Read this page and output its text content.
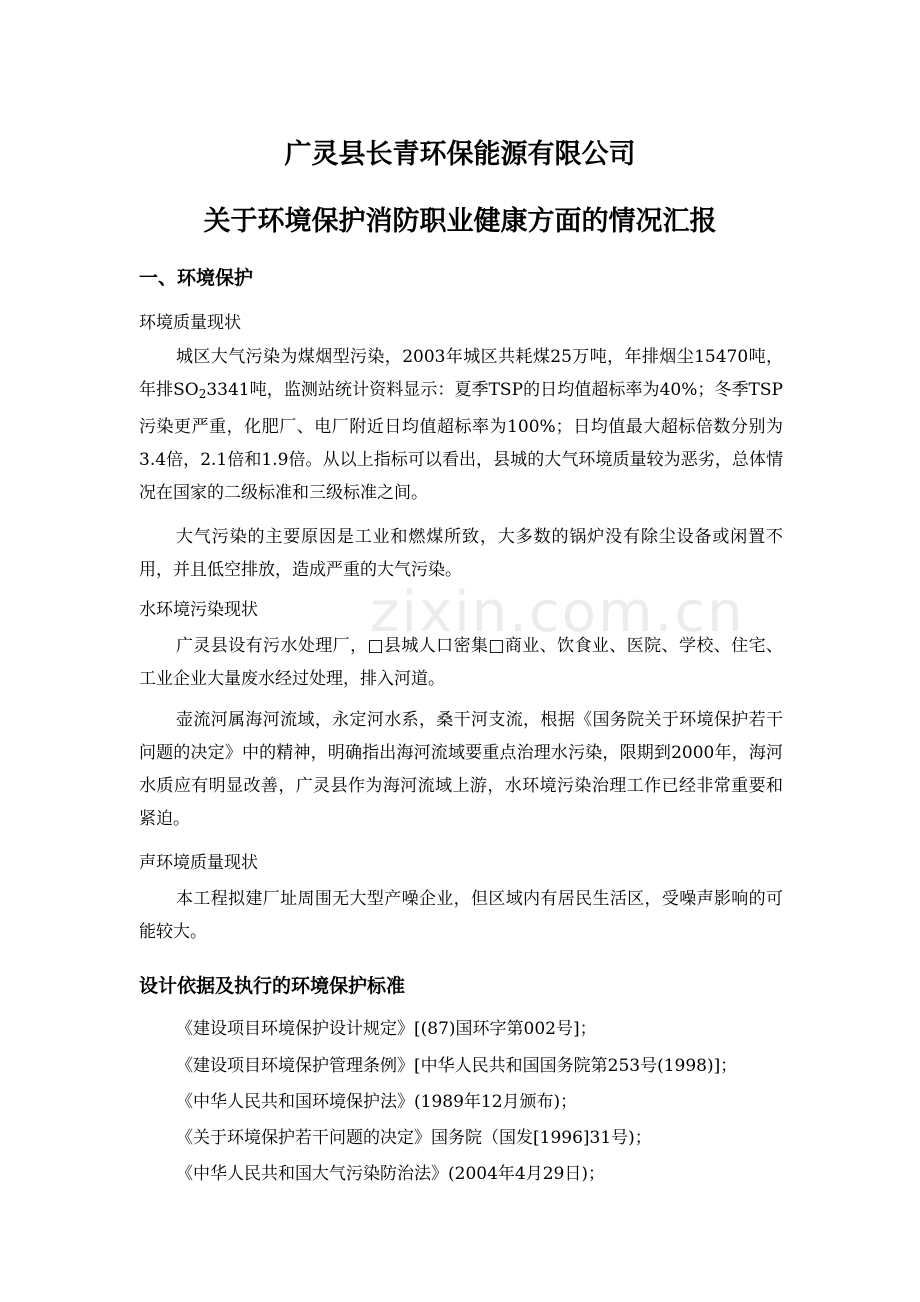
zixin.com.cn
广灵县长青环保能源有限公司
关于环境保护消防职业健康方面的情况汇报
一、环境保护
环境质量现状

城区大气污染为煤烟型污染，2003年城区共耗煤25万吨，年排烟尘15470吨，年排$SO_23341$吨，监测站统计资料显示：夏季TSP的日均值超标率为40%；冬季TSP污染更严重，化肥厂、电厂附近日均值超标率为100%；日均值最大超标倍数分别为3.4倍，2.1倍和1.9倍。从以上指标可以看出，县城的大气环境质量较为恶劣，总体情况在国家的二级标准和三级标准之间。

大气污染的主要原因是工业和燃煤所致，大多数的锅炉没有除尘设备或闲置不用，并且低空排放，造成严重的大气污染。

水环境污染现状

广灵县设有污水处理厂，□县城人口密集□商业、饮食业、医院、学校、住宅、工业企业大量废水经过处理，排入河道。

壶流河属海河流域，永定河水系，桑干河支流，根据《国务院关于环境保护若干问题的决定》中的精神，明确指出海河流域要重点治理水污染，限期到2000年，海河水质应有明显改善，广灵县作为海河流域上游，水环境污染治理工作已经非常重要和紧迫。

声环境质量现状

本工程拟建厂址周围无大型产噪企业，但区域内有居民生活区，受噪声影响的可能较大。

设计依据及执行的环境保护标准
《建设项目环境保护设计规定》[(87)国环字第002号]；
《建设项目环境保护管理条例》[中华人民共和国国务院第253号(1998)]；
《中华人民共和国环境保护法》(1989年12月颁布)；
《关于环境保护若干问题的决定》国务院（国发[1996]31号)；
《中华人民共和国大气污染防治法》(2004年4月29日)；
